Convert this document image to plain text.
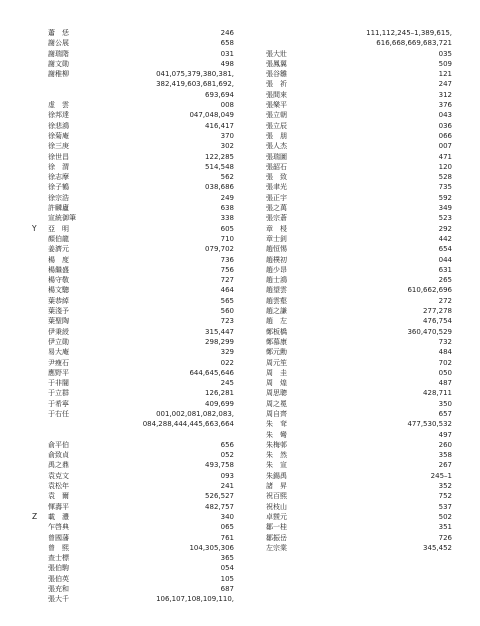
蕭　恁	246
謝公展	658
謝瑞階	031
謝文勛	498
謝稚柳	041,075,379,380,381,
382,419,603,681,692,
693,694
虚　雲	008
徐邦達	047,048,049
徐悲鴻	416,417
徐菊庵	370
徐三庚	302
徐世昌	122,285
徐　渭	514,548
徐志摩	562
徐子鶴	038,686
徐宗浩	249
許麟廬	638
宣統御筆	338
Y 亞　明	605
顏伯龍	710
姜濟元	079,702
楊　度	736
楊繼盛	756
楊守敬	727
楊文驄	464
葉恭綽	565
葉淺予	560
葉聖陶	723
伊秉綬	315,447
伊立勛	298,299
易大庵	329
尹瘦石	022
應野平	644,645,646
于非闇	245
于立群	126,281
于希寧	409,699
于右任	001,002,081,082,083,
084,288,444,445,663,664
俞平伯	656
俞致貞	052
禹之鼎	493,758
袁克文	093
袁松年	241
袁　爾	526,527
惲壽平	482,757
Z 載　灃	340
乍啓典	065
曾國藩	761
曾　熙	104,305,306
查士標	365
張伯駒	054
張伯英	105
張充和	687
張大千	106,107,108,109,110,
111,112,245–1,389,615,
616,668,669,683,721
張大壯	035
張鳳翼	509
張谷雛	121
張　祈	247
張間來	312
張樂平	376
張立朝	043
張立辰	036
張　朋	066
張人杰	007
張瑞圖	471
張韶石	120
張　致	528
張聿光	735
張正宇	592
張之萬	349
張宗蒼	523
章　梫	292
章士釗	442
趙恒惕	654
趙樸初	044
趙少昂	631
趙士鴻	265
趙望雲	610,662,696
趙雲壑	272
趙之謙	277,278
趙　左	476,754
鄭板橋	360,470,529
鄭慕康	732
鄭元勳	484
周元笙	702
周　圭	050
周　煌	487
周思聰	428,711
周之冕	350
周自齊	657
朱　耷	477,530,532
朱　彎	497
朱梅邨	260
朱　然	358
朱　宣	267
朱錫禹	245–1
諸　昇	352
祝百熙	752
祝枝山	537
卓靉元	502
鄒一桂	351
鄒振岳	726
左宗棠	345,452
